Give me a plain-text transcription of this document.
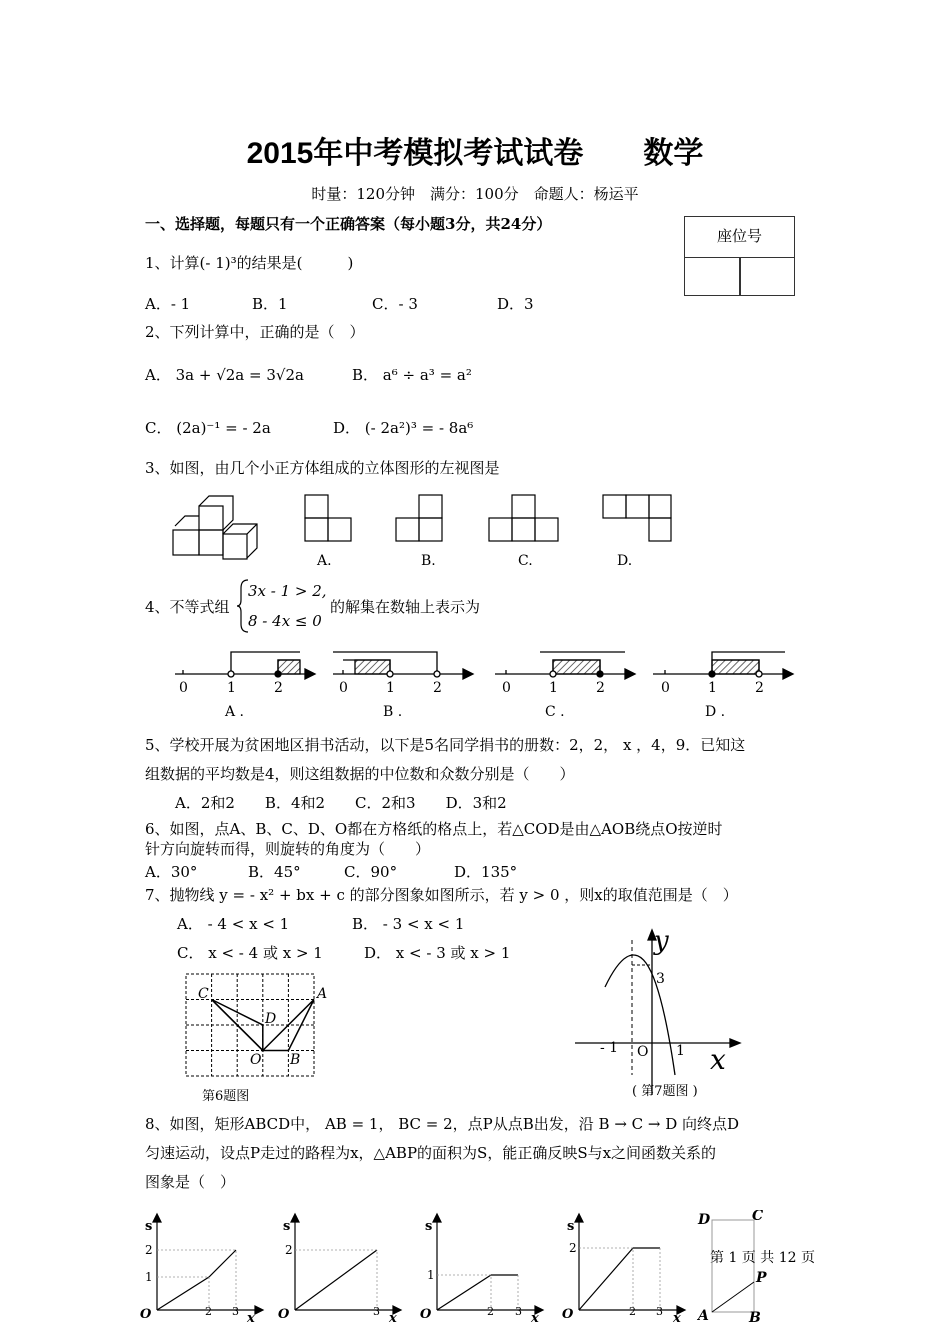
2015年中考模拟考试试卷 数学
时量：120分钟　满分：100分　命题人：杨运平
座位号
一、选择题，每题只有一个正确答案（每小题3分，共24分）
1、计算(- 1)³的结果是(　　　)
A．- 1	B．1	C．- 3	D．3
2、下列计算中，正确的是（　）
A． 3a + √2a = 3√2a	B． a⁶ ÷ a³ = a²
C． (2a)⁻¹ = - 2a	D． (- 2a²)³ = - 8a⁶
3、如图，由几个小正方体组成的立体图形的左视图是
A.	B.	C.	D.
4、不等式组
3x - 1 > 2,
8 - 4x ≤ 0
的解集在数轴上表示为
0	1	2
A .
0	1	2
B .
0	1	2
C .
0	1	2
D .
5、学校开展为贫困地区捐书活动，以下是5名同学捐书的册数：2，2， x ，4，9．已知这
组数据的平均数是4，则这组数据的中位数和众数分别是（　　）
A．2和2　　B．4和2　　C．2和3　　D．3和2
6、如图，点A、B、C、D、O都在方格纸的格点上，若△COD是由△AOB绕点O按逆时
针方向旋转而得，则旋转的角度为（　　）
A．30°	B．45°	C．90°	D．135°
7、抛物线 y = - x² + bx + c 的部分图象如图所示，若 y > 0 ，则x的取值范围是（　）
A． - 4 < x < 1	B． - 3 < x < 1
C． x < - 4 或 x > 1	D． x < - 3 或 x > 1
C	A
D
O B
第6题图
y
x
3
- 1 O 1
( 第7题图 )
8、如图，矩形ABCD中， AB = 1， BC = 2，点P从点B出发，沿 B → C → D 向终点D
匀速运动，设点P走过的路程为x，△ABP的面积为S，能正确反映S与x之间函数关系的
图象是（　）
s
2
1
O	2 3 x
s
2
O	3 x
s
1
O	2 3 x
s
2
O	2 3 x
D	C
P
A	B
第 1 页 共 12 页
